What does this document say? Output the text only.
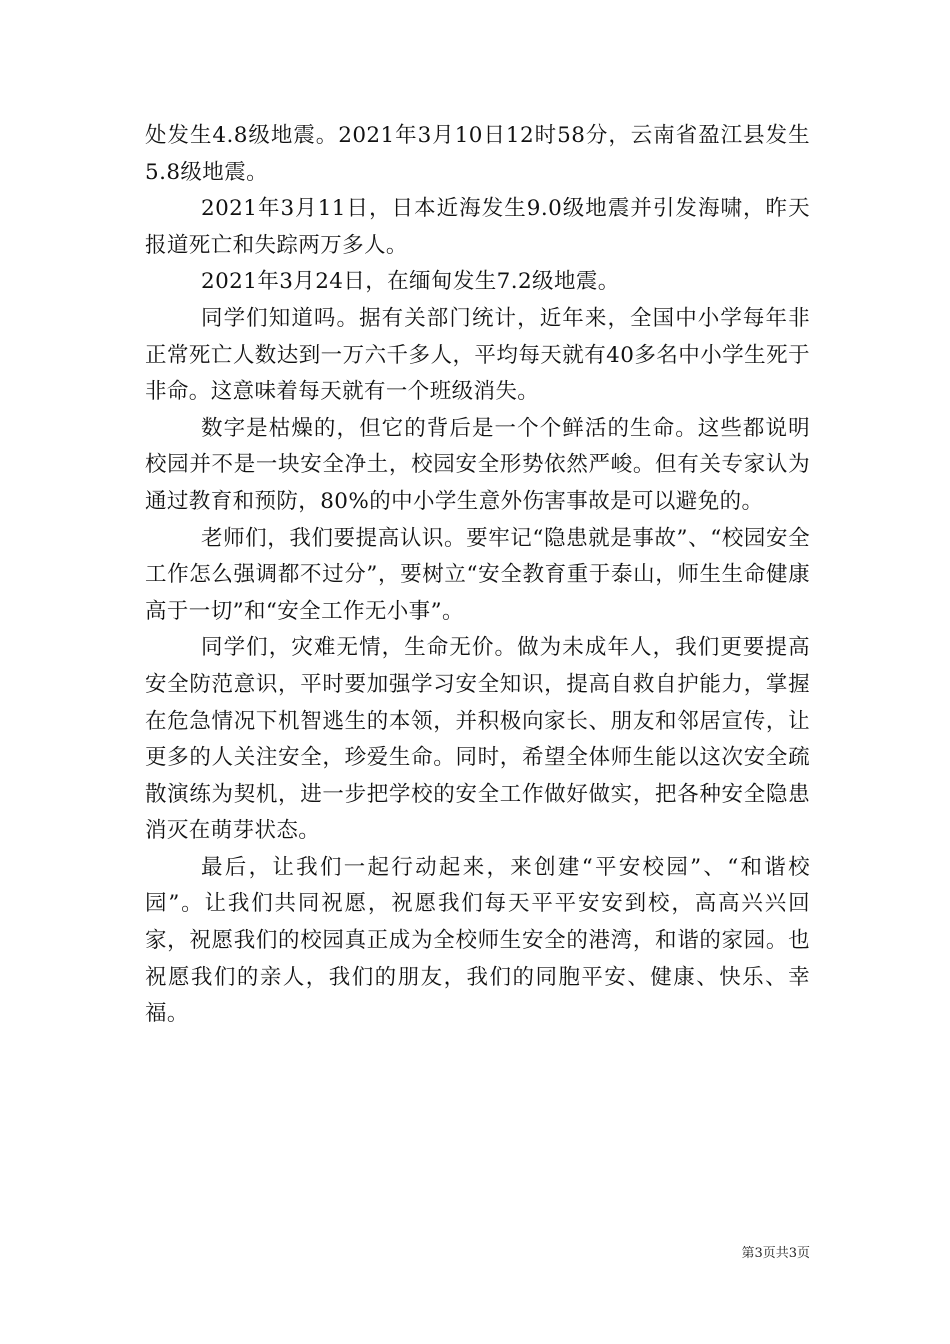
处发生4.8级地震。2021年3月10日12时58分，云南省盈江县发生5.8级地震。

2021年3月11日，日本近海发生9.0级地震并引发海啸，昨天报道死亡和失踪两万多人。

2021年3月24日，在缅甸发生7.2级地震。

同学们知道吗。据有关部门统计，近年来，全国中小学每年非正常死亡人数达到一万六千多人，平均每天就有40多名中小学生死于非命。这意味着每天就有一个班级消失。

数字是枯燥的，但它的背后是一个个鲜活的生命。这些都说明校园并不是一块安全净土，校园安全形势依然严峻。但有关专家认为通过教育和预防，80%的中小学生意外伤害事故是可以避免的。

老师们，我们要提高认识。要牢记“隐患就是事故”、“校园安全工作怎么强调都不过分”，要树立“安全教育重于泰山，师生生命健康高于一切”和“安全工作无小事”。

同学们，灾难无情，生命无价。做为未成年人，我们更要提高安全防范意识，平时要加强学习安全知识，提高自救自护能力，掌握在危急情况下机智逃生的本领，并积极向家长、朋友和邻居宣传，让更多的人关注安全，珍爱生命。同时，希望全体师生能以这次安全疏散演练为契机，进一步把学校的安全工作做好做实，把各种安全隐患消灭在萌芽状态。

最后，让我们一起行动起来，来创建“平安校园”、“和谐校园”。让我们共同祝愿，祝愿我们每天平平安安到校，高高兴兴回家，祝愿我们的校园真正成为全校师生安全的港湾，和谐的家园。也祝愿我们的亲人，我们的朋友，我们的同胞平安、健康、快乐、幸福。

第3页共3页
